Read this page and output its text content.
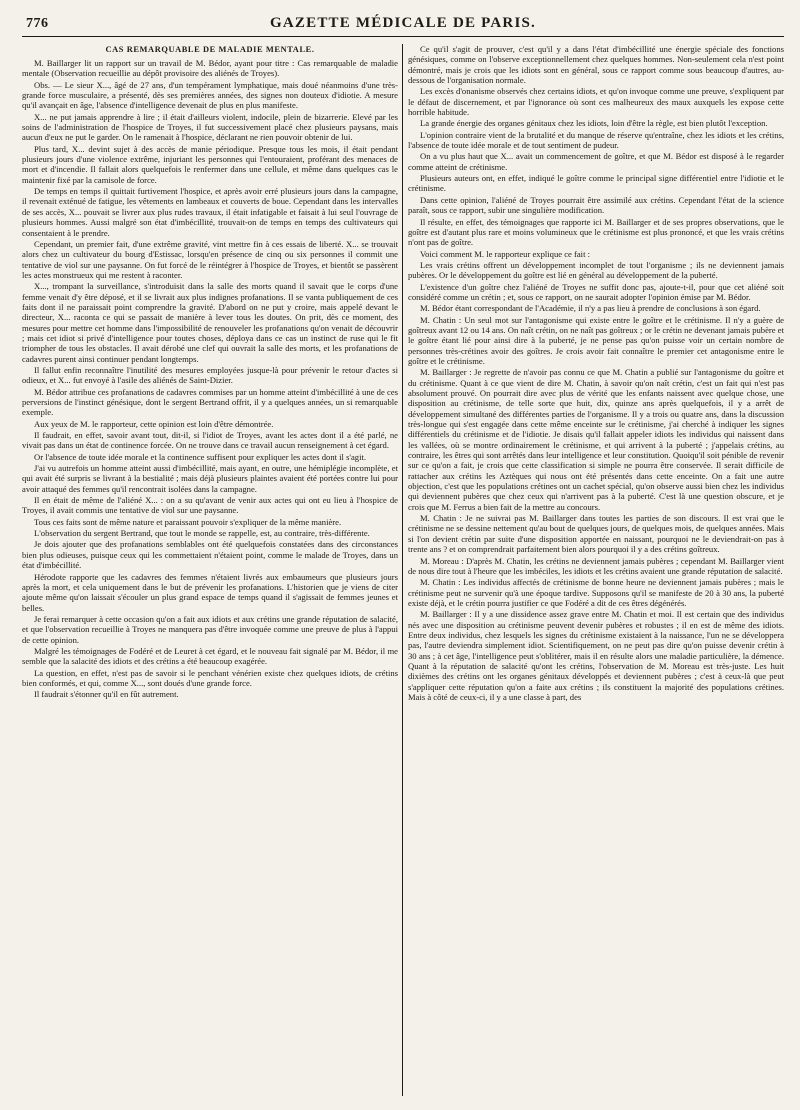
776	GAZETTE MÉDICALE DE PARIS.
CAS REMARQUABLE DE MALADIE MENTALE.

M. Baillarger lit un rapport sur un travail de M. Bédor, ayant pour titre : Cas remarquable de maladie mentale (Observation recueillie au dépôt provisoire des aliénés de Troyes).

Obs. — Le sieur X..., âgé de 27 ans, d'un tempérament lymphatique, mais doué néanmoins d'une très-grande force musculaire, a présenté, dès ses premières années, des signes non douteux d'idiotie. A mesure qu'il avançait en âge, l'absence d'intelligence devenait de plus en plus manifeste.

X... ne put jamais apprendre à lire ; il était d'ailleurs violent, indocile, plein de bizarrerie. Elevé par les soins de l'administration de l'hospice de Troyes, il fut successivement placé chez plusieurs paysans, mais aucun d'eux ne put le garder. On le ramenait à l'hospice, déclarant ne rien pouvoir obtenir de lui.

Plus tard, X... devint sujet à des accès de manie périodique. Presque tous les mois, il était pendant plusieurs jours d'une violence extrême, injuriant les personnes qui l'entouraient, proférant des menaces de mort et d'incendie. Il fallait alors quelquefois le renfermer dans une cellule, et même dans quelques cas le maintenir fixé par la camisole de force.

De temps en temps il quittait furtivement l'hospice, et après avoir erré plusieurs jours dans la campagne, il revenait exténué de fatigue, les vêtements en lambeaux et couverts de boue. Cependant dans les intervalles de ses accès, X... pouvait se livrer aux plus rudes travaux, il était infatigable et faisait à lui seul l'ouvrage de plusieurs hommes. Aussi malgré son état d'imbécillité, trouvait-on de temps en temps des cultivateurs qui consentaient à le prendre.

Cependant, un premier fait, d'une extrême gravité, vint mettre fin à ces essais de liberté. X... se trouvait alors chez un cultivateur du bourg d'Estissac, lorsqu'en présence de cinq ou six personnes il commit une tentative de viol sur une paysanne. On fut forcé de le réintégrer à l'hospice de Troyes, et bientôt se passèrent les actes monstrueux qui me restent à raconter.

X..., trompant la surveillance, s'introduisit dans la salle des morts quand il savait que le corps d'une femme venait d'y être déposé, et il se livrait aux plus indignes profanations. Il se vanta publiquement de ces faits dont il ne paraissait point comprendre la gravité. D'abord on ne put y croire, mais appelé devant le directeur, X... raconta ce qui se passait de manière à lever tous les doutes. On prit, dès ce moment, des mesures pour mettre cet homme dans l'impossibilité de renouveler les profanations qu'on venait de découvrir ; mais cet idiot si privé d'intelligence pour toutes choses, déploya dans ce cas un instinct de ruse qui le fit triompher de tous les obstacles. Il avait dérobé une clef qui ouvrait la salle des morts, et les profanations de cadavres purent ainsi continuer pendant longtemps.

Il fallut enfin reconnaître l'inutilité des mesures employées jusque-là pour prévenir le retour d'actes si odieux, et X... fut envoyé à l'asile des aliénés de Saint-Dizier.

M. Bédor attribue ces profanations de cadavres commises par un homme atteint d'imbécillité à une de ces perversions de l'instinct génésique, dont le sergent Bertrand offrit, il y a quelques années, un si remarquable exemple.

Aux yeux de M. le rapporteur, cette opinion est loin d'être démontrée.

Il faudrait, en effet, savoir avant tout, dit-il, si l'idiot de Troyes, avant les actes dont il a été parlé, ne vivait pas dans un état de continence forcée. On ne trouve dans ce travail aucun renseignement à cet égard.

Or l'absence de toute idée morale et la continence suffisent pour expliquer les actes dont il s'agit.

J'ai vu autrefois un homme atteint aussi d'imbécillité, mais ayant, en outre, une hémiplégie incomplète, et qui avait été surpris se livrant à la bestialité ; mais déjà plusieurs plaintes avaient été portées contre lui pour avoir attaqué des femmes qu'il rencontrait isolées dans la campagne.

Il en était de même de l'aliéné X... : on a su qu'avant de venir aux actes qui ont eu lieu à l'hospice de Troyes, il avait commis une tentative de viol sur une paysanne.

Tous ces faits sont de même nature et paraissant pouvoir s'expliquer de la même manière.

L'observation du sergent Bertrand, que tout le monde se rappelle, est, au contraire, très-différente.

Je dois ajouter que des profanations semblables ont été quelquefois constatées dans des circonstances bien plus odieuses, puisque ceux qui les commettaient n'étaient point, comme le malade de Troyes, dans un état d'imbécillité.

Hérodote rapporte que les cadavres des femmes n'étaient livrés aux embaumeurs que plusieurs jours après la mort, et cela uniquement dans le but de prévenir les profanations. L'historien que je viens de citer ajoute même qu'on laissait s'écouler un plus grand espace de temps quand il s'agissait de femmes jeunes et belles.

Je ferai remarquer à cette occasion qu'on a fait aux idiots et aux crétins une grande réputation de salacité, et que l'observation recueillie à Troyes ne manquera pas d'être invoquée comme une preuve de plus à l'appui de cette opinion.

Malgré les témoignages de Fodéré et de Leuret à cet égard, et le nouveau fait signalé par M. Bédor, il me semble que la salacité des idiots et des crétins a été beaucoup exagérée.

La question, en effet, n'est pas de savoir si le penchant vénérien existe chez quelques idiots, de crétins bien conformés, et qui, comme X..., sont doués d'une grande force.

Il faudrait s'étonner qu'il en fût autrement.

Ce qu'il s'agit de prouver, c'est qu'il y a dans l'état d'imbécillité une énergie spéciale des fonctions génésiques, comme on l'observe exceptionnellement chez quelques hommes. Non-seulement cela n'est point démontré, mais je crois que les idiots sont en général, sous ce rapport comme sous beaucoup d'autres, au-dessous de l'organisation normale.

Les excès d'onanisme observés chez certains idiots, et qu'on invoque comme une preuve, s'expliquent par le défaut de discernement, et par l'ignorance où sont ces malheureux des maux auxquels les expose cette horrible habitude.

La grande énergie des organes génitaux chez les idiots, loin d'être la règle, est bien plutôt l'exception.

L'opinion contraire vient de la brutalité et du manque de réserve qu'entraîne, chez les idiots et les crétins, l'absence de toute idée morale et de tout sentiment de pudeur.

On a vu plus haut que X... avait un commencement de goître, et que M. Bédor est disposé à le regarder comme atteint de crétinisme.

Plusieurs auteurs ont, en effet, indiqué le goître comme le principal signe différentiel entre l'idiotie et le crétinisme.

Dans cette opinion, l'aliéné de Troyes pourrait être assimilé aux crétins. Cependant l'état de la science paraît, sous ce rapport, subir une singulière modification.

Il résulte, en effet, des témoignages que rapporte ici M. Baillarger et de ses propres observations, que le goître est d'autant plus rare et moins volumineux que le crétinisme est plus prononcé, et que les vrais crétins n'ont pas de goître.

Voici comment M. le rapporteur explique ce fait :

Les vrais crétins offrent un développement incomplet de tout l'organisme ; ils ne deviennent jamais pubères. Or le développement du goître est lié en général au développement de la puberté.

L'existence d'un goître chez l'aliéné de Troyes ne suffit donc pas, ajoute-t-il, pour que cet aliéné soit considéré comme un crétin ; et, sous ce rapport, on ne saurait adopter l'opinion émise par M. Bédor.

M. Bédor étant correspondant de l'Académie, il n'y a pas lieu à prendre de conclusions à son égard.

M. Chatin : Un seul mot sur l'antagonisme qui existe entre le goître et le crétinisme. Il n'y a guère de goîtreux avant 12 ou 14 ans. On naît crétin, on ne naît pas goîtreux ; or le crétin ne devenant jamais pubère et le goître étant lié pour ainsi dire à la puberté, je ne pense pas qu'on puisse voir un certain nombre de personnes très-crétines avoir des goîtres. Je crois avoir fait connaître le premier cet antagonisme entre le goître et le crétinisme.

M. Baillarger : Je regrette de n'avoir pas connu ce que M. Chatin a publié sur l'antagonisme du goître et du crétinisme. Quant à ce que vient de dire M. Chatin, à savoir qu'on naît crétin, c'est un fait qui n'est pas absolument prouvé. On pourrait dire avec plus de vérité que les enfants naissent avec quelque chose, une disposition au crétinisme, de telle sorte que huit, dix, quinze ans après quelquefois, il y a arrêt de développement simultané des différentes parties de l'organisme. Il y a trois ou quatre ans, dans la discussion très-longue qui s'est engagée dans cette même enceinte sur le crétinisme, j'ai cherché à indiquer les signes différentiels du crétinisme et de l'idiotie. Je disais qu'il fallait appeler idiots les individus qui naissent dans les vallées, où se montre ordinairement le crétinisme, et qui arrivent à la puberté ; j'appelais crétins, au contraire, les êtres qui sont arrêtés dans leur intelligence et leur constitution. Quoiqu'il soit pénible de revenir sur ce qu'on a fait, je crois que cette classification si simple ne pourra être conservée. Il serait difficile de rattacher aux crétins les Aztèques qui nous ont été présentés dans cette enceinte. On a fait une autre objection, c'est que les populations crétines ont un cachet spécial, qu'on observe aussi bien chez les individus qui deviennent pubères que chez ceux qui n'arrivent pas à la puberté. C'est là une question obscure, et je crois que M. Ferrus a bien fait de la mettre au concours.

M. Chatin : Je ne suivrai pas M. Baillarger dans toutes les parties de son discours. Il est vrai que le crétinisme ne se dessine nettement qu'au bout de quelques jours, de quelques mois, de quelques années. Mais si l'on devient crétin par suite d'une disposition apportée en naissant, pourquoi ne le deviendrait-on pas à trente ans ? et on comprendrait parfaitement bien alors pourquoi il y a des crétins goîtreux.

M. Moreau : D'après M. Chatin, les crétins ne deviennent jamais pubères ; cependant M. Baillarger vient de nous dire tout à l'heure que les imbéciles, les idiots et les crétins avaient une grande réputation de salacité.

M. Chatin : Les individus affectés de crétinisme de bonne heure ne deviennent jamais pubères ; mais le crétinisme peut ne survenir qu'à une époque tardive. Supposons qu'il se manifeste de 20 à 30 ans, la puberté existe déjà, et le crétin pourra justifier ce que Fodéré a dit de ces êtres dégénérés.

M. Baillarger : Il y a une dissidence assez grave entre M. Chatin et moi. Il est certain que des individus nés avec une disposition au crétinisme peuvent devenir pubères et robustes ; il en est de même des idiots. Entre deux individus, chez lesquels les signes du crétinisme existaient à la naissance, l'un ne se développera pas, l'autre deviendra simplement idiot. Scientifiquement, on ne peut pas dire qu'on puisse devenir crétin à 30 ans ; à cet âge, l'intelligence peut s'oblitérer, mais il en résulte alors une maladie particulière, la démence. Quant à la réputation de salacité qu'ont les crétins, l'observation de M. Moreau est très-juste. Les huit dixièmes des crétins ont les organes génitaux développés et deviennent pubères ; c'est à ceux-là que peut s'appliquer cette réputation qu'on a faite aux crétins ; ils constituent la majorité des populations crétines. Mais à côté de ceux-ci, il y a une classe à part, des
